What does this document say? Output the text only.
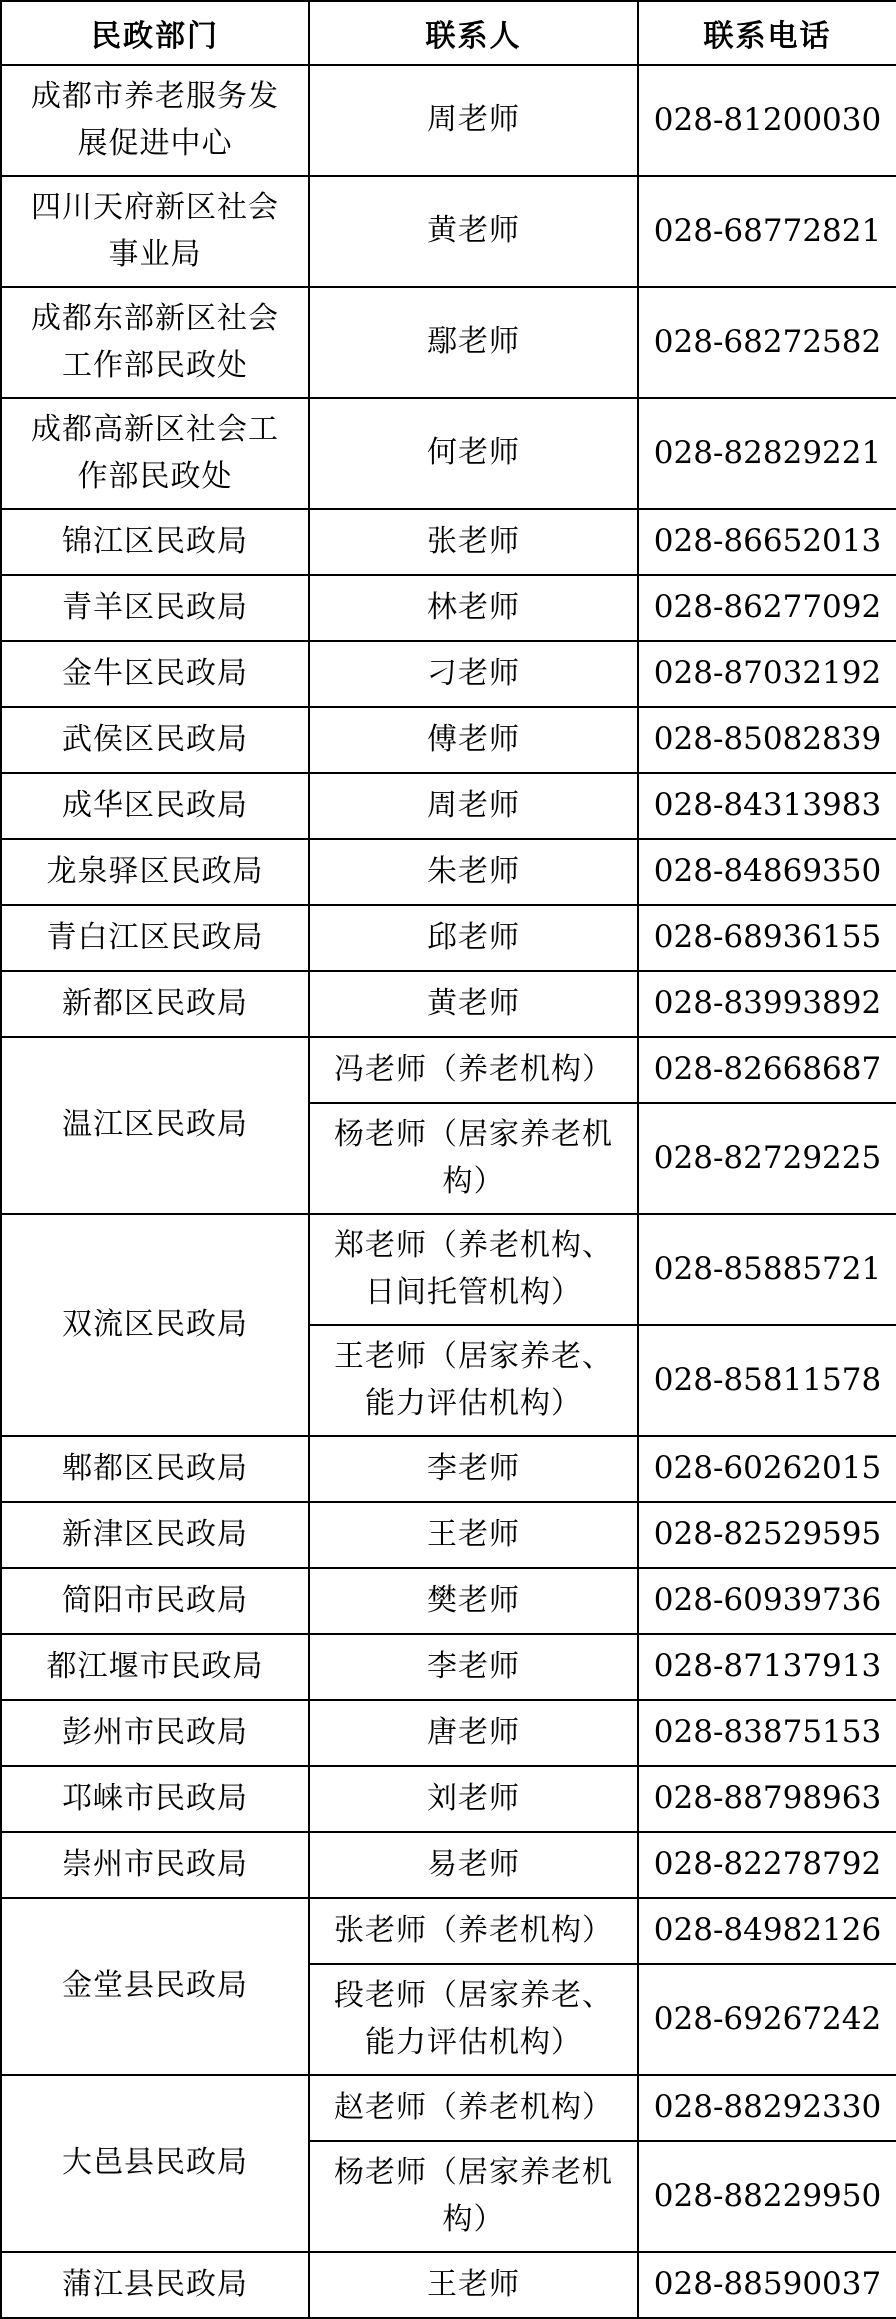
民政部门	联系人	联系电话
成都市养老服务发展促进中心	周老师	028-81200030
四川天府新区社会事业局	黄老师	028-68772821
成都东部新区社会工作部民政处	鄢老师	028-68272582
成都高新区社会工作部民政处	何老师	028-82829221
锦江区民政局	张老师	028-86652013
青羊区民政局	林老师	028-86277092
金牛区民政局	刁老师	028-87032192
武侯区民政局	傅老师	028-85082839
成华区民政局	周老师	028-84313983
龙泉驿区民政局	朱老师	028-84869350
青白江区民政局	邱老师	028-68936155
新都区民政局	黄老师	028-83993892
温江区民政局	冯老师（养老机构）	028-82668687
	杨老师（居家养老机构）	028-82729225
双流区民政局	郑老师（养老机构、日间托管机构）	028-85885721
	王老师（居家养老、能力评估机构）	028-85811578
郫都区民政局	李老师	028-60262015
新津区民政局	王老师	028-82529595
简阳市民政局	樊老师	028-60939736
都江堰市民政局	李老师	028-87137913
彭州市民政局	唐老师	028-83875153
邛崃市民政局	刘老师	028-88798963
崇州市民政局	易老师	028-82278792
金堂县民政局	张老师（养老机构）	028-84982126
	段老师（居家养老、能力评估机构）	028-69267242
大邑县民政局	赵老师（养老机构）	028-88292330
	杨老师（居家养老机构）	028-88229950
蒲江县民政局	王老师	028-88590037
